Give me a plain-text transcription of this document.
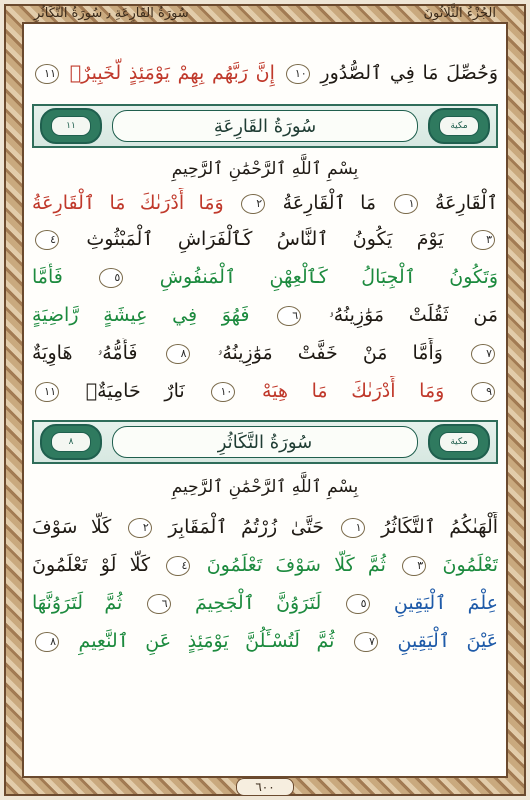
سُورَةُ القَارِعَةِ ٫ سُورَةُ التَّكَاثُرِ	الجُزْءُ الثَّلَاثُونَ
وَحُصِّلَ مَا فِي ٱلصُّدُورِ ١٠ إِنَّ رَبَّهُم بِهِمْ يَوْمَئِذٍ لَّخَبِيرٌۢ ١١
١١	سُورَةُ القَارِعَةِ	مكية
بِسْمِ ٱللَّهِ ٱلرَّحْمَٰنِ ٱلرَّحِيمِ
ٱلْقَارِعَةُ ١ مَا ٱلْقَارِعَةُ ٢ وَمَا أَدْرَىٰكَ مَا ٱلْقَارِعَةُ
٣ يَوْمَ يَكُونُ ٱلنَّاسُ كَٱلْفَرَاشِ ٱلْمَبْثُوثِ ٤
وَتَكُونُ ٱلْجِبَالُ كَٱلْعِهْنِ ٱلْمَنفُوشِ ٥ فَأَمَّا
مَن ثَقُلَتْ مَوَٰزِينُهُۥ ٦ فَهُوَ فِي عِيشَةٍ رَّاضِيَةٍ
٧ وَأَمَّا مَنْ خَفَّتْ مَوَٰزِينُهُۥ ٨ فَأُمُّهُۥ هَاوِيَةٌ
٩ وَمَا أَدْرَىٰكَ مَا هِيَهْ ١٠ نَارٌ حَامِيَةٌۢ ١١
٨	سُورَةُ التَّكَاثُرِ	مكية
بِسْمِ ٱللَّهِ ٱلرَّحْمَٰنِ ٱلرَّحِيمِ
أَلْهَىٰكُمُ ٱلتَّكَاثُرُ ١ حَتَّىٰ زُرْتُمُ ٱلْمَقَابِرَ ٢ كَلَّا سَوْفَ
تَعْلَمُونَ ٣ ثُمَّ كَلَّا سَوْفَ تَعْلَمُونَ ٤ كَلَّا لَوْ تَعْلَمُونَ
عِلْمَ ٱلْيَقِينِ ٥ لَتَرَوُنَّ ٱلْجَحِيمَ ٦ ثُمَّ لَتَرَوُنَّهَا
عَيْنَ ٱلْيَقِينِ ٧ ثُمَّ لَتُسْـَٔلُنَّ يَوْمَئِذٍ عَنِ ٱلنَّعِيمِ ٨
٦٠٠
